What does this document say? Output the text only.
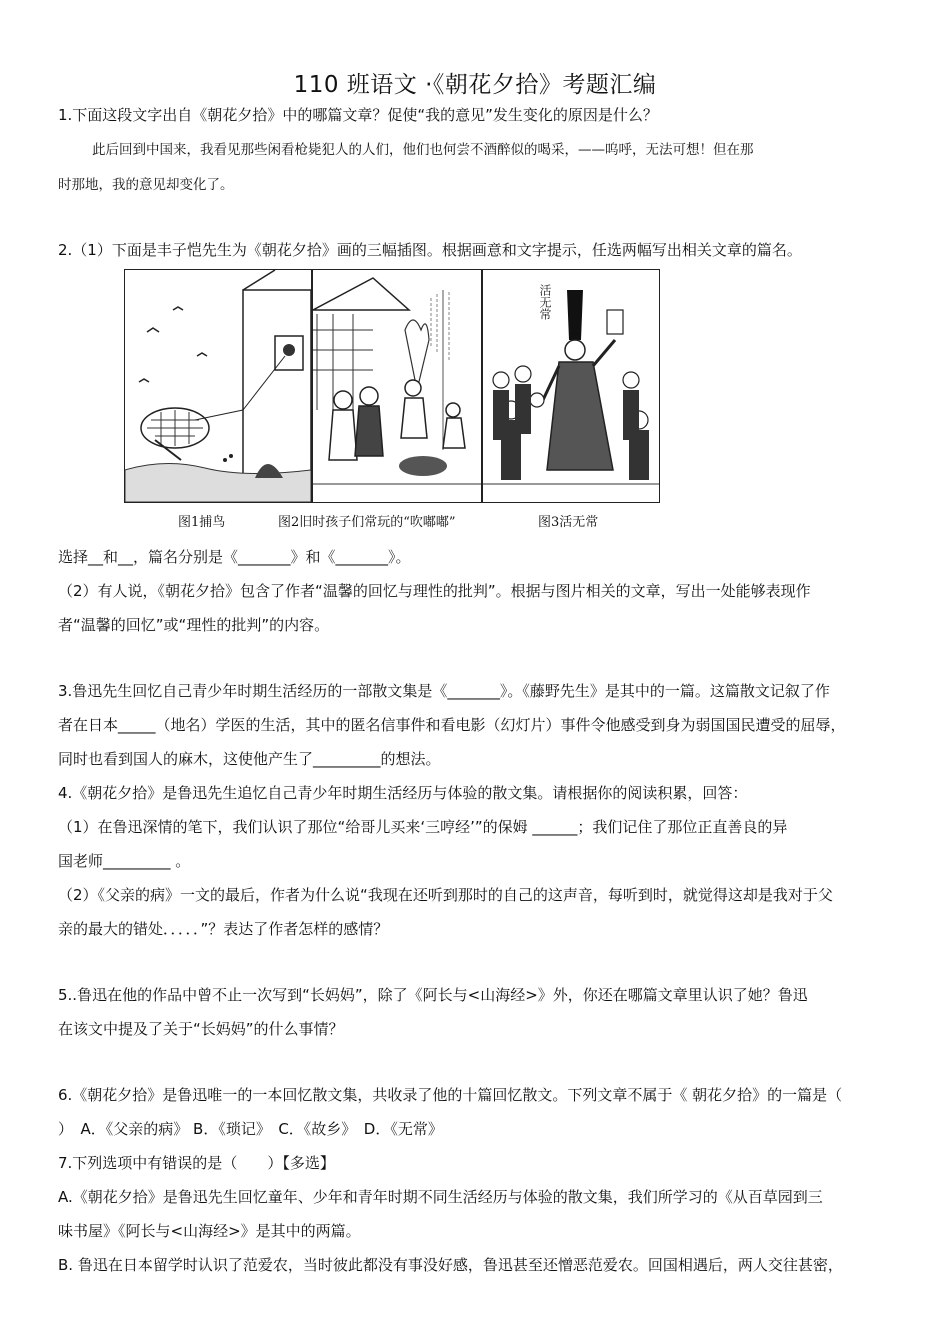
110 班语文 ·《朝花夕拾》考题汇编
1.下面这段文字出自《朝花夕拾》中的哪篇文章？促使“我的意见”发生变化的原因是什么？
此后回到中国来，我看见那些闲看枪毙犯人的人们，他们也何尝不酒醉似的喝采，——呜呼，无法可想！但在那
时那地，我的意见却变化了。
2.（1）下面是丰子恺先生为《朝花夕拾》画的三幅插图。根据画意和文字提示，任选两幅写出相关文章的篇名。
活无常
图1捕鸟	图2旧时孩子们常玩的“吹嘟嘟”	图3活无常
选择__和__，篇名分别是《_______》和《_______》。
（2）有人说，《朝花夕拾》包含了作者“温馨的回忆与理性的批判”。根据与图片相关的文章，写出一处能够表现作
者“温馨的回忆”或“理性的批判”的内容。
3.鲁迅先生回忆自己青少年时期生活经历的一部散文集是《_______》。《藤野先生》是其中的一篇。这篇散文记叙了作
者在日本_____（地名）学医的生活，其中的匿名信事件和看电影（幻灯片）事件令他感受到身为弱国国民遭受的屈辱，
同时也看到国人的麻木，这使他产生了_________的想法。
4.《朝花夕拾》是鲁迅先生追忆自己青少年时期生活经历与体验的散文集。请根据你的阅读积累，回答：
（1）在鲁迅深情的笔下，我们认识了那位“给哥儿买来‘三哼经’”的保姆 ______；我们记住了那位正直善良的异
国老师_________ 。
（2）《父亲的病》一文的最后，作者为什么说“我现在还听到那时的自己的这声音，每听到时，就觉得这却是我对于父
亲的最大的错处．．．．．”？表达了作者怎样的感情？
5..鲁迅在他的作品中曾不止一次写到“长妈妈”，除了《阿长与<山海经>》外，你还在哪篇文章里认识了她？鲁迅
在该文中提及了关于“长妈妈”的什么事情？
6.《朝花夕拾》是鲁迅唯一的一本回忆散文集，共收录了他的十篇回忆散文。下列文章不属于《 朝花夕拾》的一篇是（
）　A．《父亲的病》 B．《琐记》　C．《故乡》　D．《无常》
7.下列选项中有错误的是（　　）【多选】
A.《朝花夕拾》是鲁迅先生回忆童年、少年和青年时期不同生活经历与体验的散文集，我们所学习的《从百草园到三
味书屋》《阿长与<山海经>》是其中的两篇。
B. 鲁迅在日本留学时认识了范爱农，当时彼此都没有事没好感，鲁迅甚至还憎恶范爱农。回国相遇后，两人交往甚密，
